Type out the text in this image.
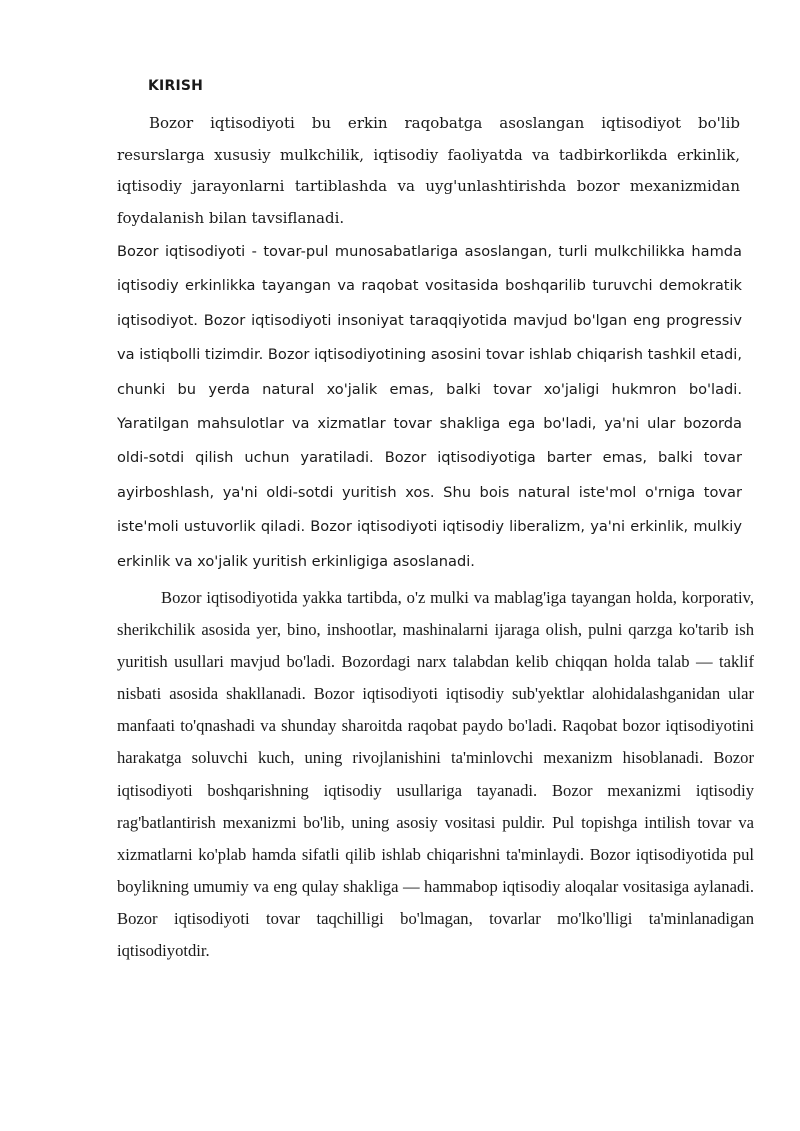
KIRISH

Bozor iqtisodiyoti bu erkin raqobatga asoslangan iqtisodiyot bo'lib resurslarga xususiy mulkchilik, iqtisodiy faoliyatda va tadbirkorlikda erkinlik, iqtisodiy jarayonlarni tartiblashda va uyg'unlashtirishda bozor mexanizmidan foydalanish bilan tavsiflanadi.

Bozor iqtisodiyoti - tovar-pul munosabatlariga asoslangan, turli mulkchilikka hamda iqtisodiy erkinlikka tayangan va raqobat vositasida boshqarilib turuvchi demokratik iqtisodiyot. Bozor iqtisodiyoti insoniyat taraqqiyotida mavjud bo'lgan eng progressiv va istiqbolli tizimdir. Bozor iqtisodiyotining asosini tovar ishlab chiqarish tashkil etadi, chunki bu yerda natural xo'jalik emas, balki tovar xo'jaligi hukmron bo'ladi. Yaratilgan mahsulotlar va xizmatlar tovar shakliga ega bo'ladi, ya'ni ular bozorda oldi-sotdi qilish uchun yaratiladi. Bozor iqtisodiyotiga barter emas, balki tovar ayirboshlash, ya'ni oldi-sotdi yuritish xos. Shu bois natural iste'mol o'rniga tovar iste'moli ustuvorlik qiladi. Bozor iqtisodiyoti iqtisodiy liberalizm, ya'ni erkinlik, mulkiy erkinlik va xo'jalik yuritish erkinligiga asoslanadi.

Bozor iqtisodiyotida yakka tartibda, o'z mulki va mablag'iga tayangan holda, korporativ, sherikchilik asosida yer, bino, inshootlar, mashinalarni ijaraga olish, pulni qarzga ko'tarib ish yuritish usullari mavjud bo'ladi. Bozordagi narx talabdan kelib chiqqan holda talab — taklif nisbati asosida shakllanadi. Bozor iqtisodiyoti iqtisodiy sub'yektlar alohidalashganidan ular manfaati to'qnashadi va shunday sharoitda raqobat paydo bo'ladi. Raqobat bozor iqtisodiyotini harakatga soluvchi kuch, uning rivojlanishini ta'minlovchi mexanizm hisoblanadi. Bozor iqtisodiyoti boshqarishning iqtisodiy usullariga tayanadi. Bozor mexanizmi iqtisodiy rag'batlantirish mexanizmi bo'lib, uning asosiy vositasi puldir. Pul topishga intilish tovar va xizmatlarni ko'plab hamda sifatli qilib ishlab chiqarishni ta'minlaydi. Bozor iqtisodiyotida pul boylikning umumiy va eng qulay shakliga — hammabop iqtisodiy aloqalar vositasiga aylanadi. Bozor iqtisodiyoti tovar taqchilligi bo'lmagan, tovarlar mo'lko'lligi ta'minlanadigan iqtisodiyotdir.
